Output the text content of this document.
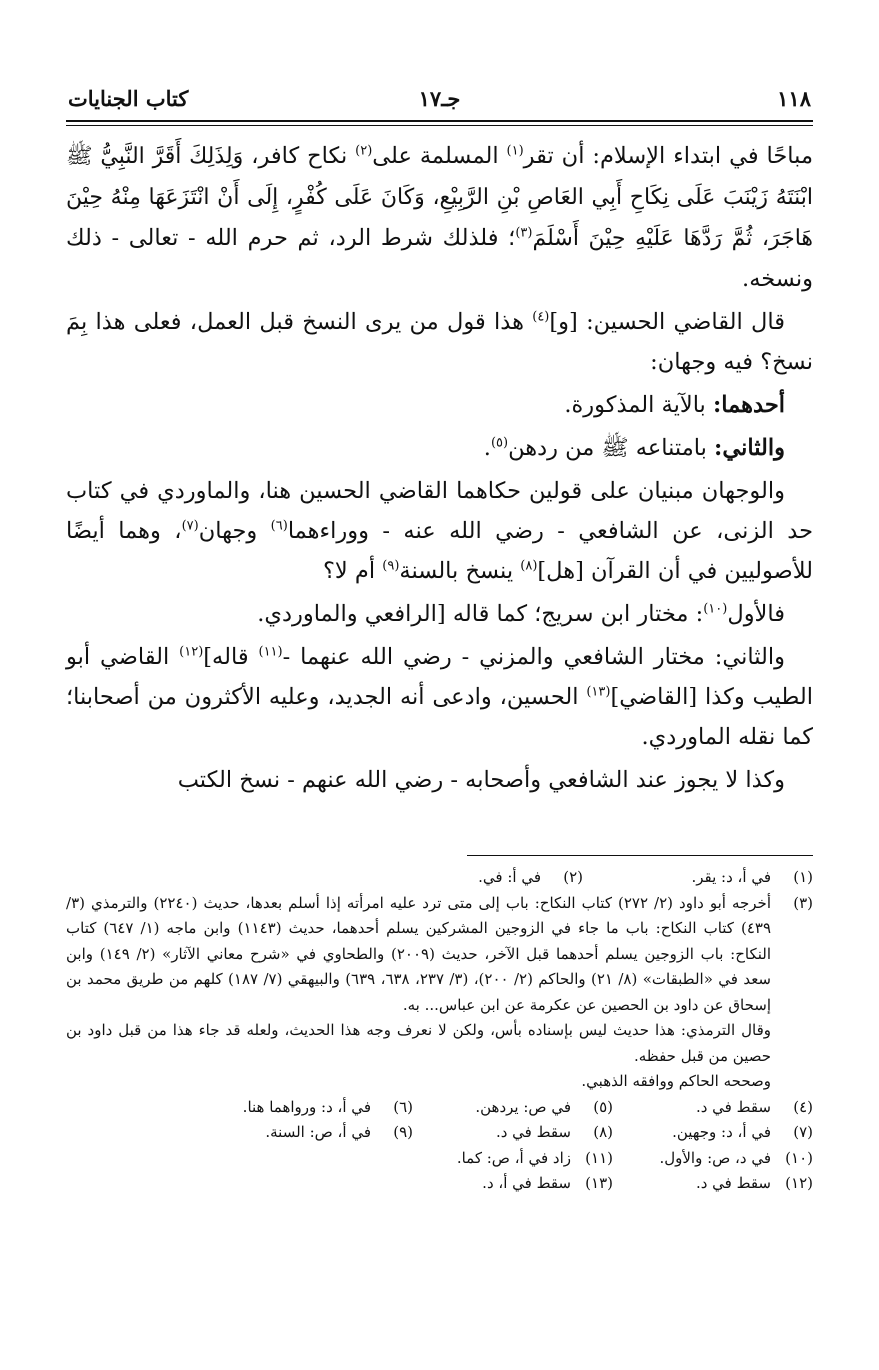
١١٨
جـ١٧
كتاب الجنايات

مباحًا في ابتداء الإسلام: أن تقر$^{(١)}$ المسلمة على$^{(٢)}$ نكاح كافر، وَلِذَلِكَ أَقَرَّ النَّبِيُّ ﷺ ابْنَتَهُ زَيْنَبَ عَلَى نِكَاحِ أَبِي العَاصِ بْنِ الرَّبِيْعِ، وَكَانَ عَلَى كُفْرٍ، إِلَى أَنْ انْتَزَعَهَا مِنْهُ حِيْنَ هَاجَرَ، ثُمَّ رَدَّهَا عَلَيْهِ حِيْنَ أَسْلَمَ$^{(٣)}$؛ فلذلك شرط الرد، ثم حرم الله - تعالى - ذلك ونسخه.

قال القاضي الحسين: [و]$^{(٤)}$ هذا قول من يرى النسخ قبل العمل، فعلى هذا بِمَ نسخ؟ فيه وجهان:

أحدهما: بالآية المذكورة.

والثاني: بامتناعه ﷺ من ردهن$^{(٥)}$.

والوجهان مبنيان على قولين حكاهما القاضي الحسين هنا، والماوردي في كتاب حد الزنى، عن الشافعي - رضي الله عنه - ووراءهما$^{(٦)}$ وجهان$^{(٧)}$، وهما أيضًا للأصوليين في أن القرآن [هل]$^{(٨)}$ ينسخ بالسنة$^{(٩)}$ أم لا؟

فالأول$^{(١٠)}$: مختار ابن سريج؛ كما قاله [الرافعي والماوردي.

والثاني: مختار الشافعي والمزني - رضي الله عنهما -$^{(١١)}$ قاله]$^{(١٢)}$ القاضي أبو الطيب وكذا [القاضي]$^{(١٣)}$ الحسين، وادعى أنه الجديد، وعليه الأكثرون من أصحابنا؛ كما نقله الماوردي.

وكذا لا يجوز عند الشافعي وأصحابه - رضي الله عنهم - نسخ الكتب

(١)
في أ، د: يقر.
(٢)
في أ: في.
(٣)
أخرجه أبو داود (٢/ ٢٧٢) كتاب النكاح: باب إلى متى ترد عليه امرأته إذا أسلم بعدها، حديث (٢٢٤٠) والترمذي (٣/ ٤٣٩) كتاب النكاح: باب ما جاء في الزوجين المشركين يسلم أحدهما، حديث (١١٤٣) وابن ماجه (١/ ٦٤٧) كتاب النكاح: باب الزوجين يسلم أحدهما قبل الآخر، حديث (٢٠٠٩) والطحاوي في «شرح معاني الآثار» (٢/ ١٤٩) وابن سعد في «الطبقات» (٨/ ٢١) والحاكم (٢/ ٢٠٠)، (٣/ ٢٣٧، ٦٣٨، ٦٣٩) والبيهقي (٧/ ١٨٧) كلهم من طريق محمد بن إسحاق عن داود بن الحصين عن عكرمة عن ابن عباس... به.
وقال الترمذي: هذا حديث ليس بإسناده بأس، ولكن لا نعرف وجه هذا الحديث، ولعله قد جاء هذا من قبل داود بن حصين من قبل حفظه.
وصححه الحاكم ووافقه الذهبي.
(٤)
سقط في د.
(٥)
في ص: يردهن.
(٦)
في أ، د: ورواهما هنا.
(٧)
في أ، د: وجهين.
(٨)
سقط في د.
(٩)
في أ، ص: السنة.
(١٠)
في د، ص: والأول.
(١١)
زاد في أ، ص: كما.
(١٢)
سقط في د.
(١٣)
سقط في أ، د.
